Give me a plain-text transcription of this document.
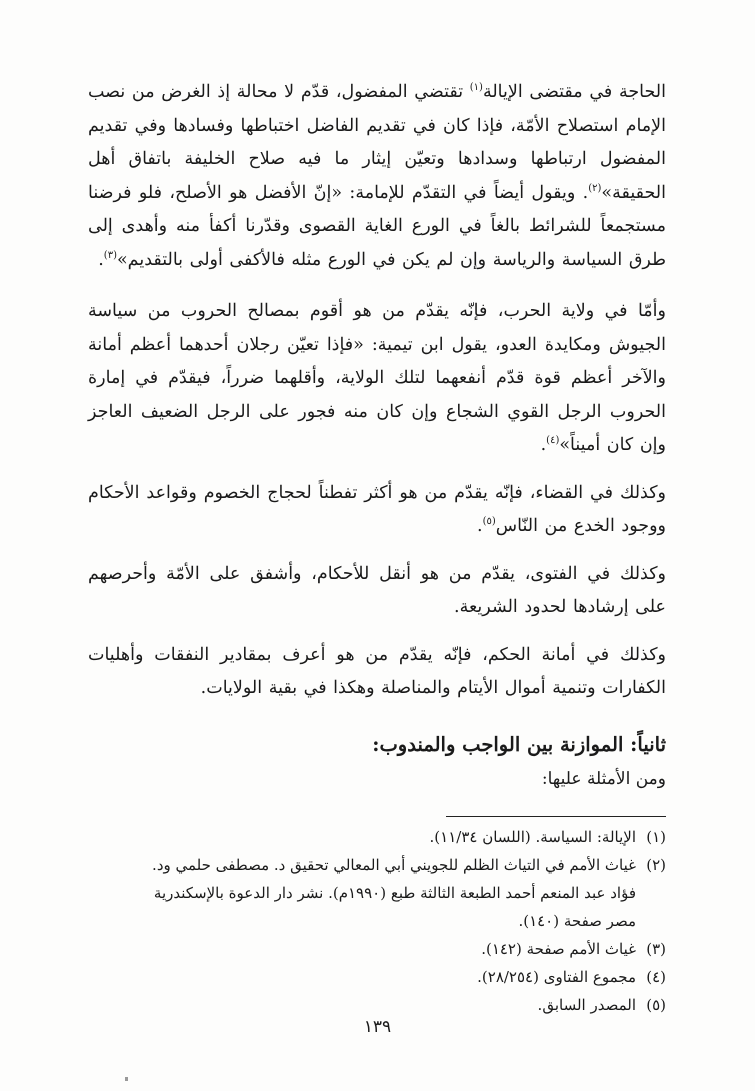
الحاجة في مقتضى الإيالة$^{(١)}$ تقتضي المفضول، قدّم لا محالة إذ الغرض من نصب الإمام استصلاح الأمّة، فإذا كان في تقديم الفاضل اختباطها وفسادها وفي تقديم المفضول ارتباطها وسدادها وتعيّن إيثار ما فيه صلاح الخليفة باتفاق أهل الحقيقة»$^{(٢)}$. ويقول أيضاً في التقدّم للإمامة: «إنّ الأفضل هو الأصلح، فلو فرضنا مستجمعاً للشرائط بالغاً في الورع الغاية القصوى وقدّرنا أكفأ منه وأهدى إلى طرق السياسة والرياسة وإن لم يكن في الورع مثله فالأكفى أولى بالتقديم»$^{(٣)}$.

وأمّا في ولاية الحرب، فإنّه يقدّم من هو أقوم بمصالح الحروب من سياسة الجيوش ومكايدة العدو، يقول ابن تيمية: «فإذا تعيّن رجلان أحدهما أعظم أمانة والآخر أعظم قوة قدّم أنفعهما لتلك الولاية، وأقلهما ضرراً، فيقدّم في إمارة الحروب الرجل القوي الشجاع وإن كان منه فجور على الرجل الضعيف العاجز وإن كان أميناً»$^{(٤)}$.

وكذلك في القضاء، فإنّه يقدّم من هو أكثر تفطناً لحجاج الخصوم وقواعد الأحكام ووجود الخدع من النّاس$^{(٥)}$.

وكذلك في الفتوى، يقدّم من هو أنقل للأحكام، وأشفق على الأمّة وأحرصهم على إرشادها لحدود الشريعة.

وكذلك في أمانة الحكم، فإنّه يقدّم من هو أعرف بمقادير النفقات وأهليات الكفارات وتنمية أموال الأيتام والمناصلة وهكذا في بقية الولايات.

ثانياً: الموازنة بين الواجب والمندوب:

ومن الأمثلة عليها:

(١)الإيالة: السياسة. (اللسان ١١/٣٤).

(٢)غياث الأمم في التياث الظلم للجويني أبي المعالي تحقيق د. مصطفى حلمي ود.

فؤاد عبد المنعم أحمد الطبعة الثالثة طبع (١٩٩٠م). نشر دار الدعوة بالإسكندرية

مصر صفحة (١٤٠).

(٣)غياث الأمم صفحة (١٤٢).

(٤)مجموع الفتاوى (٢٨/٢٥٤).

(٥)المصدر السابق.

١٣٩
